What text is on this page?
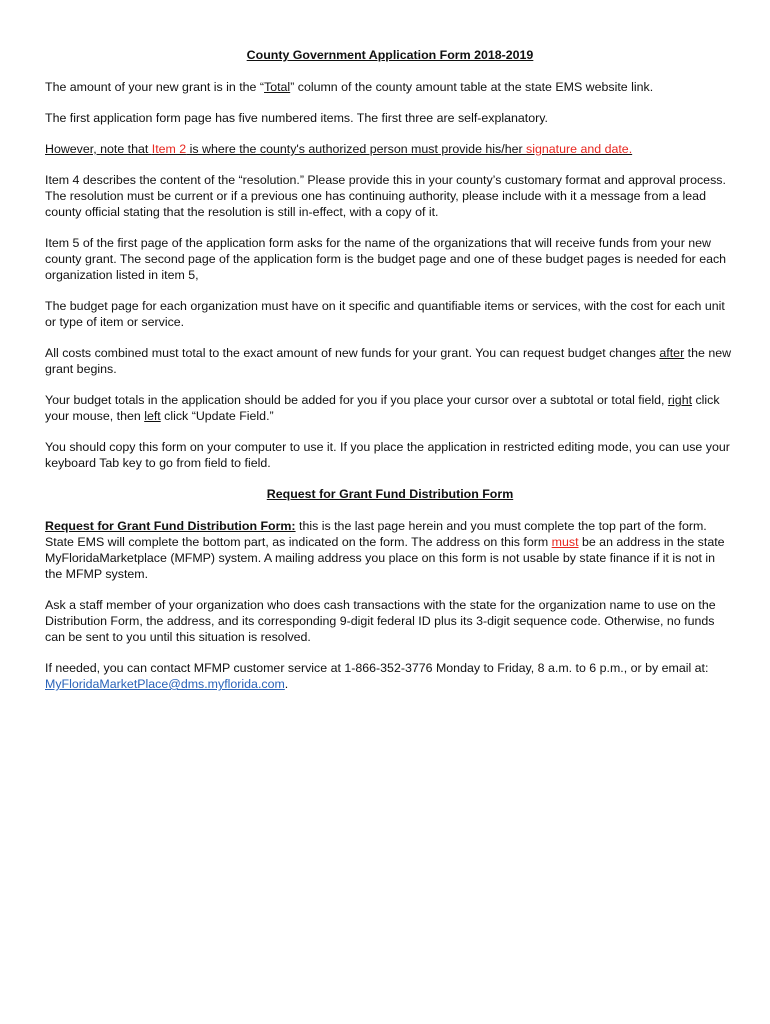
County Government Application Form 2018-2019

The amount of your new grant is in the “Total” column of the county amount table at the state EMS website link.

The first application form page has five numbered items. The first three are self-explanatory.

However, note that Item 2 is where the county's authorized person must provide his/her signature and date.

Item 4 describes the content of the “resolution.” Please provide this in your county’s customary format and approval process. The resolution must be current or if a previous one has continuing authority, please include with it a message from a lead county official stating that the resolution is still in-effect, with a copy of it.

Item 5 of the first page of the application form asks for the name of the organizations that will receive funds from your new county grant. The second page of the application form is the budget page and one of these budget pages is needed for each organization listed in item 5,

The budget page for each organization must have on it specific and quantifiable items or services, with the cost for each unit or type of item or service.

All costs combined must total to the exact amount of new funds for your grant. You can request budget changes after the new grant begins.

Your budget totals in the application should be added for you if you place your cursor over a subtotal or total field, right click your mouse, then left click “Update Field.”

You should copy this form on your computer to use it. If you place the application in restricted editing mode, you can use your keyboard Tab key to go from field to field.

Request for Grant Fund Distribution Form

Request for Grant Fund Distribution Form: this is the last page herein and you must complete the top part of the form. State EMS will complete the bottom part, as indicated on the form. The address on this form must be an address in the state MyFloridaMarketplace (MFMP) system. A mailing address you place on this form is not usable by state finance if it is not in the MFMP system.

Ask a staff member of your organization who does cash transactions with the state for the organization name to use on the Distribution Form, the address, and its corresponding 9-digit federal ID plus its 3-digit sequence code. Otherwise, no funds can be sent to you until this situation is resolved.

If needed, you can contact MFMP customer service at 1-866-352-3776 Monday to Friday, 8 a.m. to 6 p.m., or by email at: MyFloridaMarketPlace@dms.myflorida.com.
